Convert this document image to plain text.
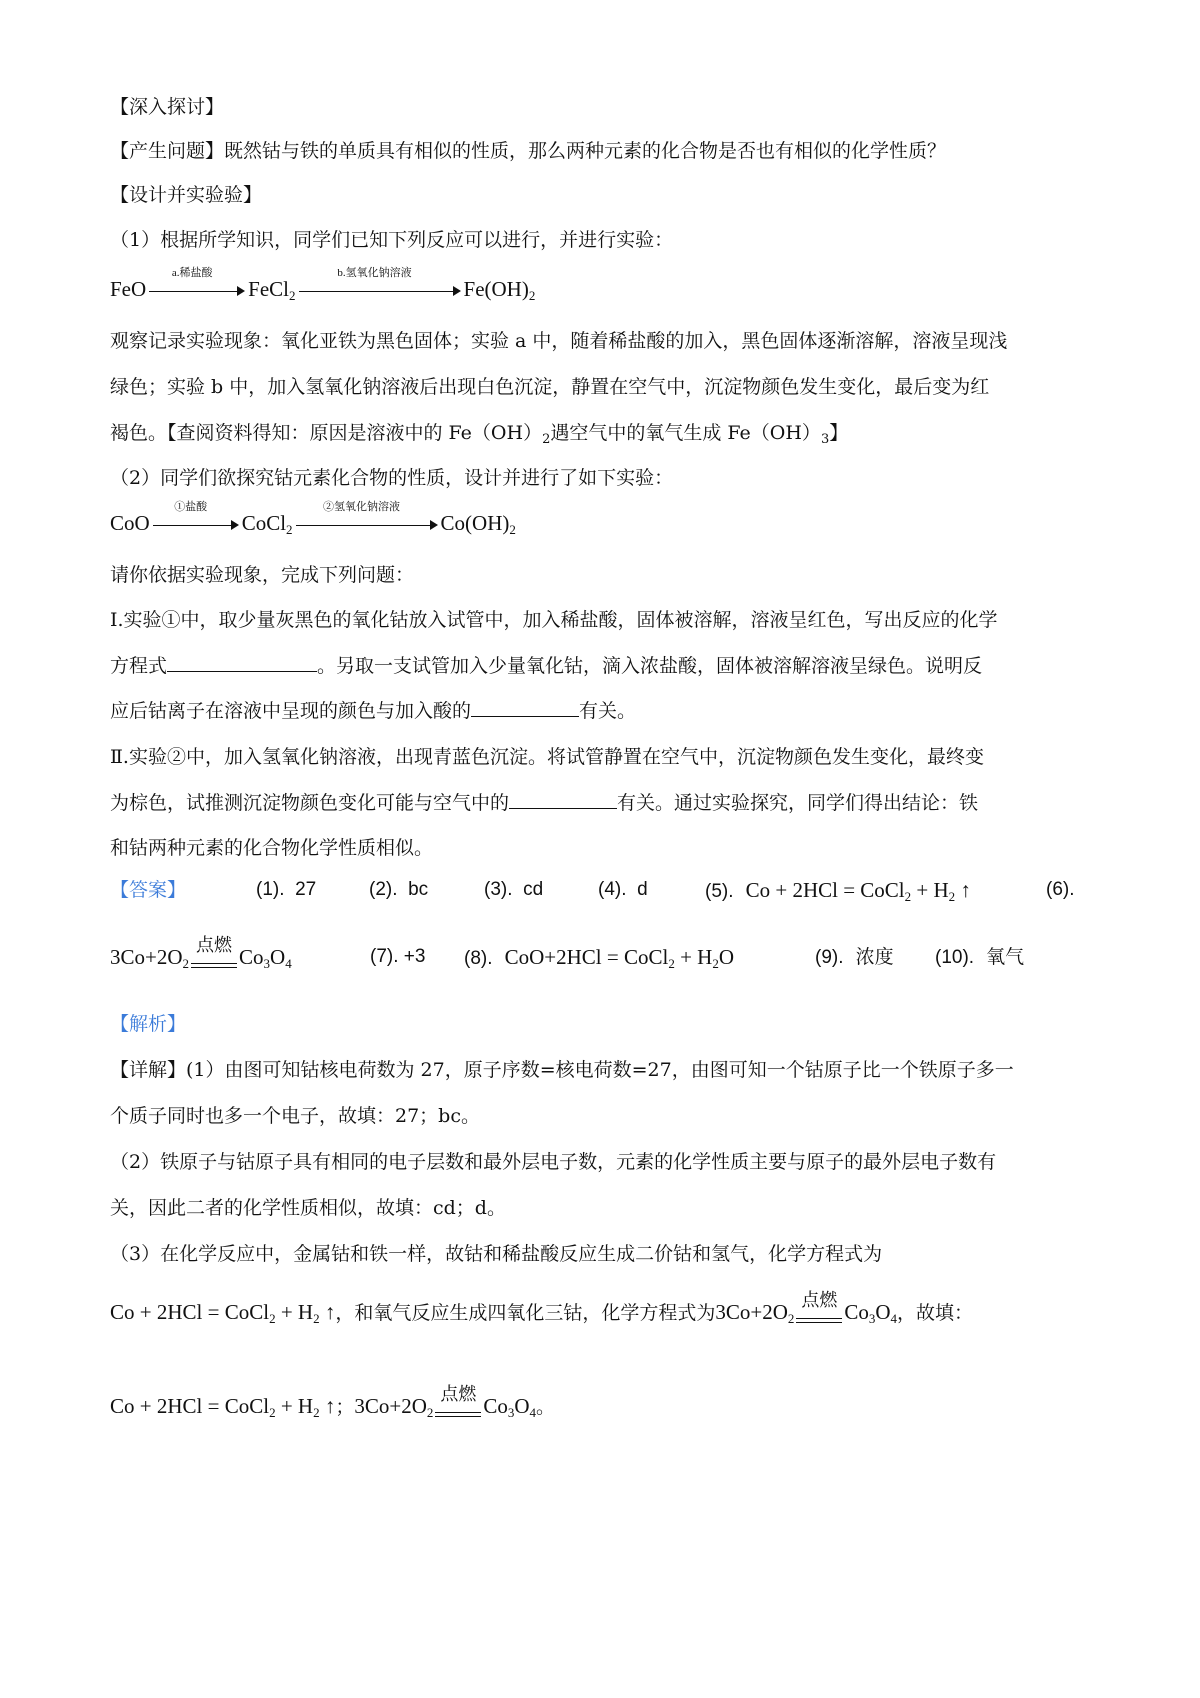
【深入探讨】
【产生问题】既然钴与铁的单质具有相似的性质，那么两种元素的化合物是否也有相似的化学性质？
【设计并实验验】
（1）根据所学知识，同学们已知下列反应可以进行，并进行实验：
FeO
a.稀盐酸
FeCl$_2$
b.氢氧化钠溶液
$Fe(OH)_2$
观察记录实验现象：氧化亚铁为黑色固体；实验 a 中，随着稀盐酸的加入，黑色固体逐渐溶解，溶液呈现浅
绿色；实验 b 中，加入氢氧化钠溶液后出现白色沉淀，静置在空气中，沉淀物颜色发生变化，最后变为红
褐色。【查阅资料得知：原因是溶液中的 $Fe(OH)_2$遇空气中的氧气生成 $Fe(OH)_3$】
（2）同学们欲探究钴元素化合物的性质，设计并进行了如下实验：
CoO
①盐酸
CoCl$_2$
②氢氧化钠溶液
$Co(OH)_2$
请你依据实验现象，完成下列问题：
I.实验①中，取少量灰黑色的氧化钴放入试管中，加入稀盐酸，固体被溶解，溶液呈红色，写出反应的化学
方程式	。另取一支试管加入少量氧化钴，滴入浓盐酸，固体被溶解溶液呈绿色。说明反
应后钴离子在溶液中呈现的颜色与加入酸的	有关。
Ⅱ.实验②中，加入氢氧化钠溶液，出现青蓝色沉淀。将试管静置在空气中，沉淀物颜色发生变化，最终变
为棕色，试推测沉淀物颜色变化可能与空气中的	有关。通过实验探究，同学们得出结论：铁
和钴两种元素的化合物化学性质相似。
【答案】	(1). 27	(2). bc	(3). cd	(4). d	(5). Co + 2HCl = CoCl$_2$ + $H_2$ ↑	(6).
$3Co+2O_2$
点燃 $Co_3O_4$	(7). +3 (8). CoO+2HCl = CoCl$_2$ + $H_2O$	(9). 浓度 (10). 氧气
【解析】
【详解】(1）由图可知钴核电荷数为 27，原子序数=核电荷数=27，由图可知一个钴原子比一个铁原子多一
个质子同时也多一个电子，故填：27；bc。
（2）铁原子与钴原子具有相同的电子层数和最外层电子数，元素的化学性质主要与原子的最外层电子数有
关，因此二者的化学性质相似，故填：cd；d。
（3）在化学反应中，金属钴和铁一样，故钴和稀盐酸反应生成二价钴和氢气，化学方程式为
Co + 2HCl = CoCl$_2$ + $H_2$ ↑，和氧气反应生成四氧化三钴，化学方程式为$3Co+2O_2$
点燃 $Co_3O_4$，故填：
Co + 2HCl = CoCl$_2$ + $H_2$ ↑；$3Co+2O_2$
点燃 $Co_3O_4$。
